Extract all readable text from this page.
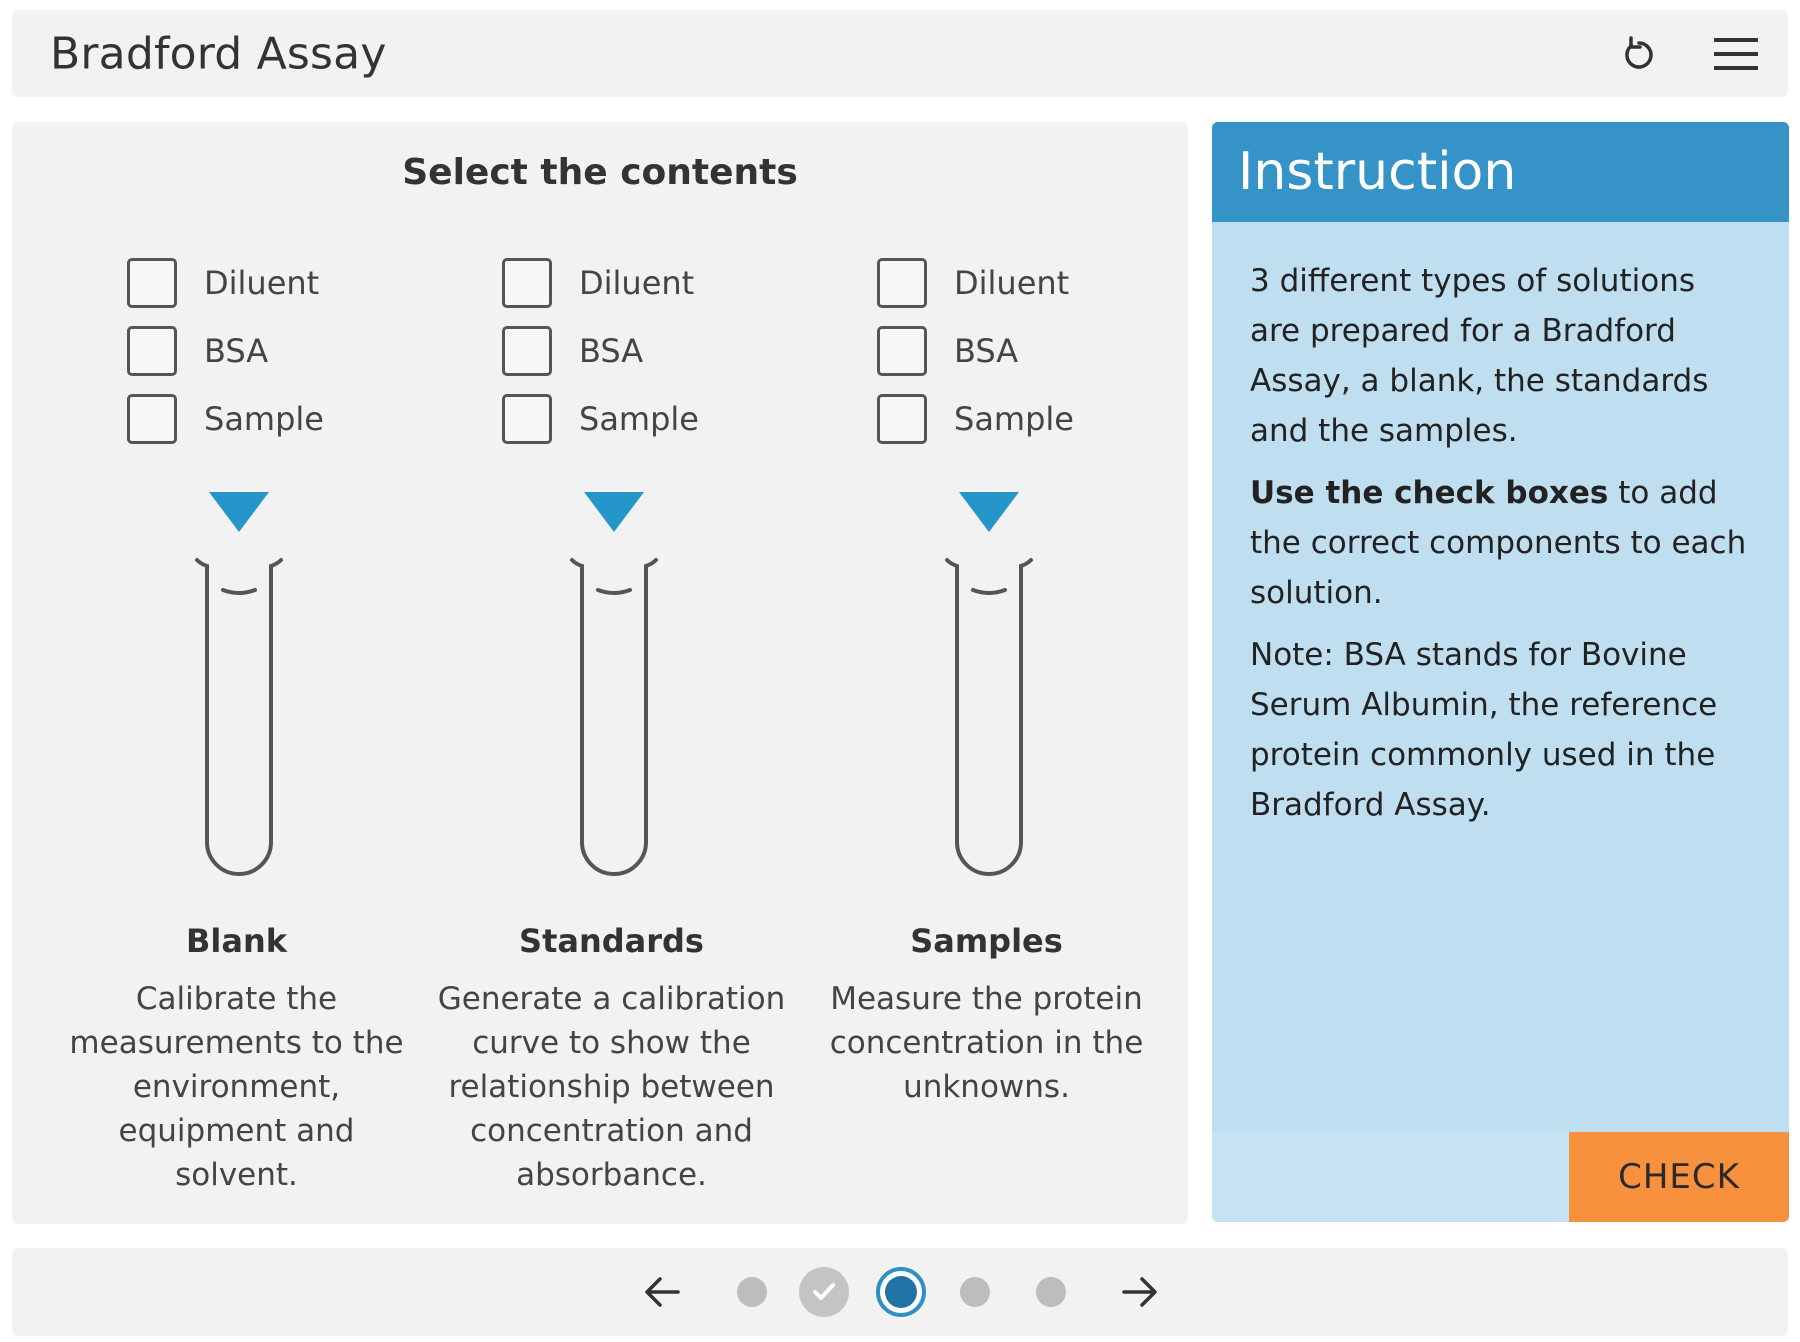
Bradford Assay
Select the contents
Diluent
BSA
Sample
Blank
Calibrate the measurements to the environment, equipment and solvent.
Diluent
BSA
Sample
Standards
Generate a calibration curve to show the relationship between concentration and absorbance.
Diluent
BSA
Sample
Samples
Measure the protein concentration in the unknowns.
Instruction

3 different types of solutions are prepared for a Bradford Assay, a blank, the standards and the samples.

Use the check boxes to add the correct components to each solution.

Note: BSA stands for Bovine Serum Albumin, the reference protein commonly used in the Bradford Assay.

CHECK
